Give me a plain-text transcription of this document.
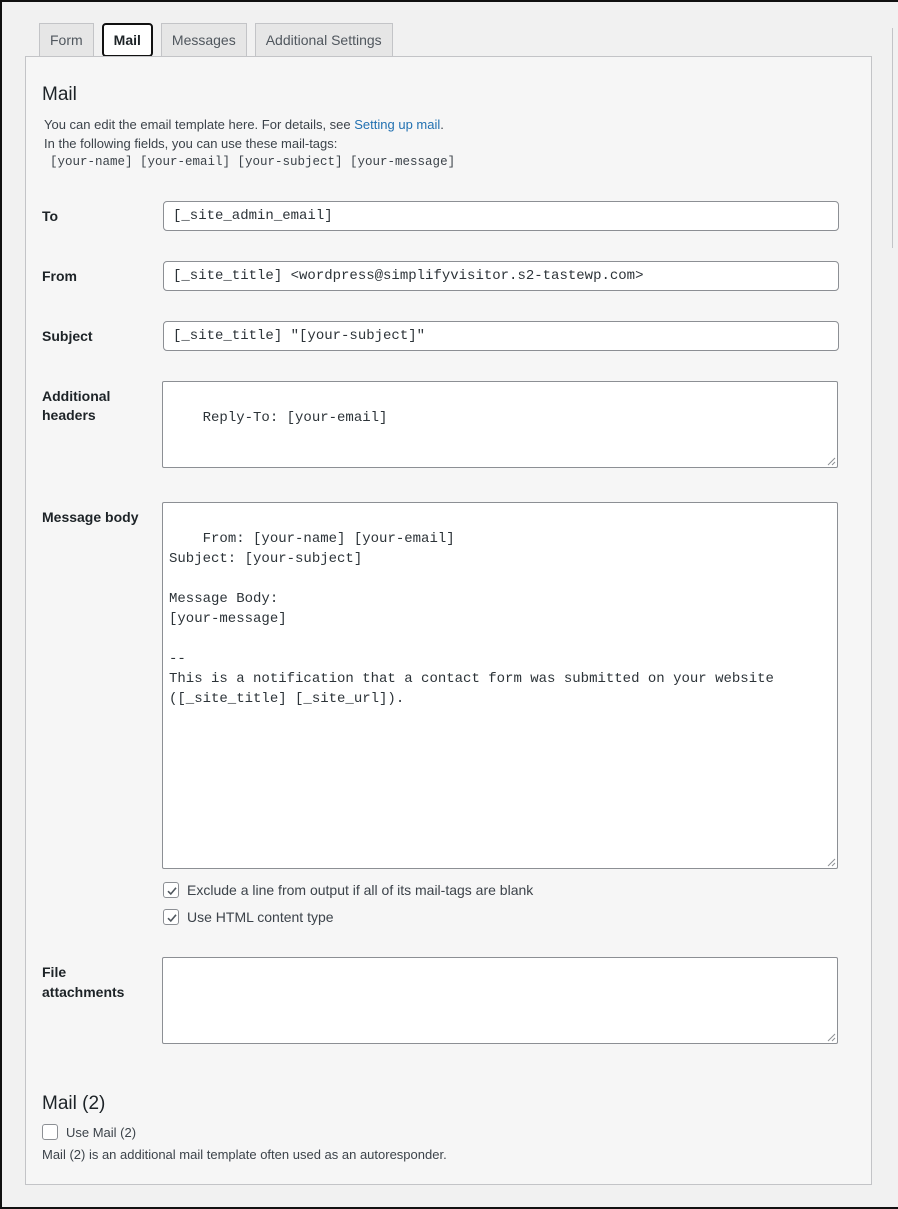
Form	Mail	Messages	Additional Settings
Mail
You can edit the email template here. For details, see Setting up mail.
In the following fields, you can use these mail-tags:
[your-name] [your-email] [your-subject] [your-message]
To	[_site_admin_email]
From	[_site_title] <wordpress@simplifyvisitor.s2-tastewp.com>
Subject	[_site_title] "[your-subject]"
Additional
headers	Reply-To: [your-email]

Message body

From: [your-name] [your-email]
Subject: [your-subject]

Message Body:
[your-message]

--
This is a notification that a contact form was submitted on your website
([_site_title] [_site_url]).

Exclude a line from output if all of its mail-tags are blank
Use HTML content type
File
attachments

Mail (2)
Use Mail (2)
Mail (2) is an additional mail template often used as an autoresponder.
